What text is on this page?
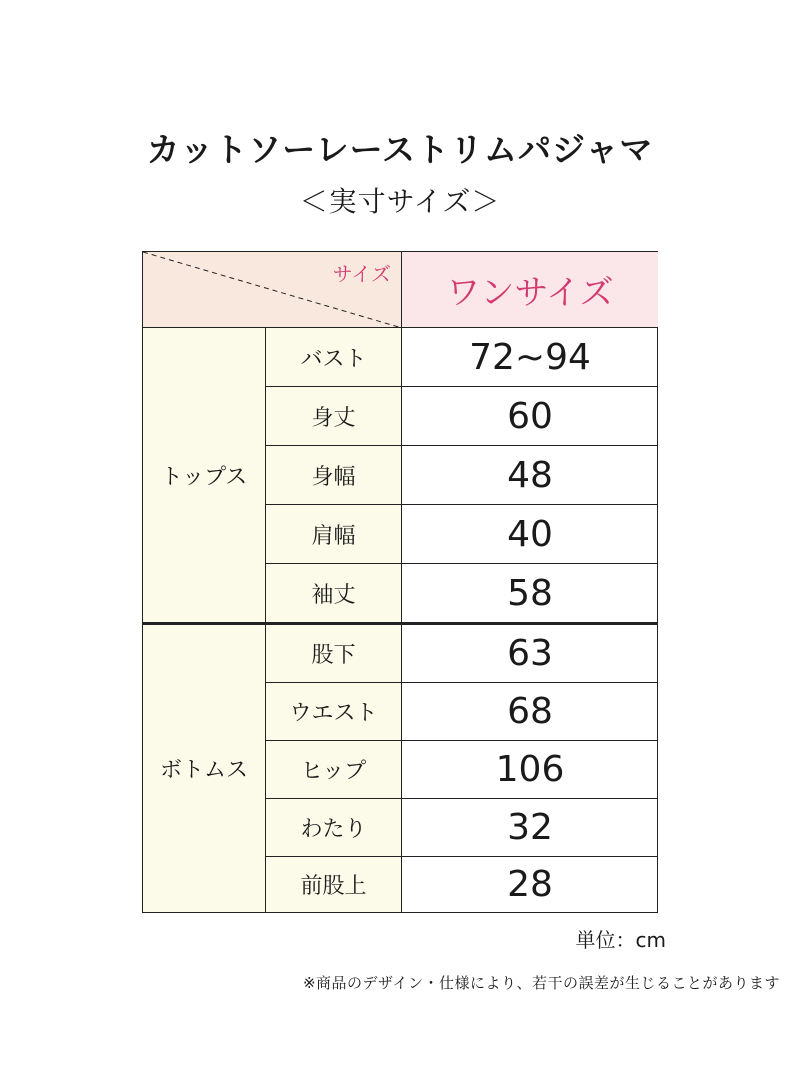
カットソーレーストリムパジャマ
＜実寸サイズ＞
サイズ	ワンサイズ
トップス
バスト	72~94
身丈	60
身幅	48
肩幅	40
袖丈	58
ボトムス
股下	63
ウエスト	68
ヒップ	106
わたり	32
前股上	28
単位：cm
※商品のデザイン・仕様により、若干の誤差が生じることがあります
